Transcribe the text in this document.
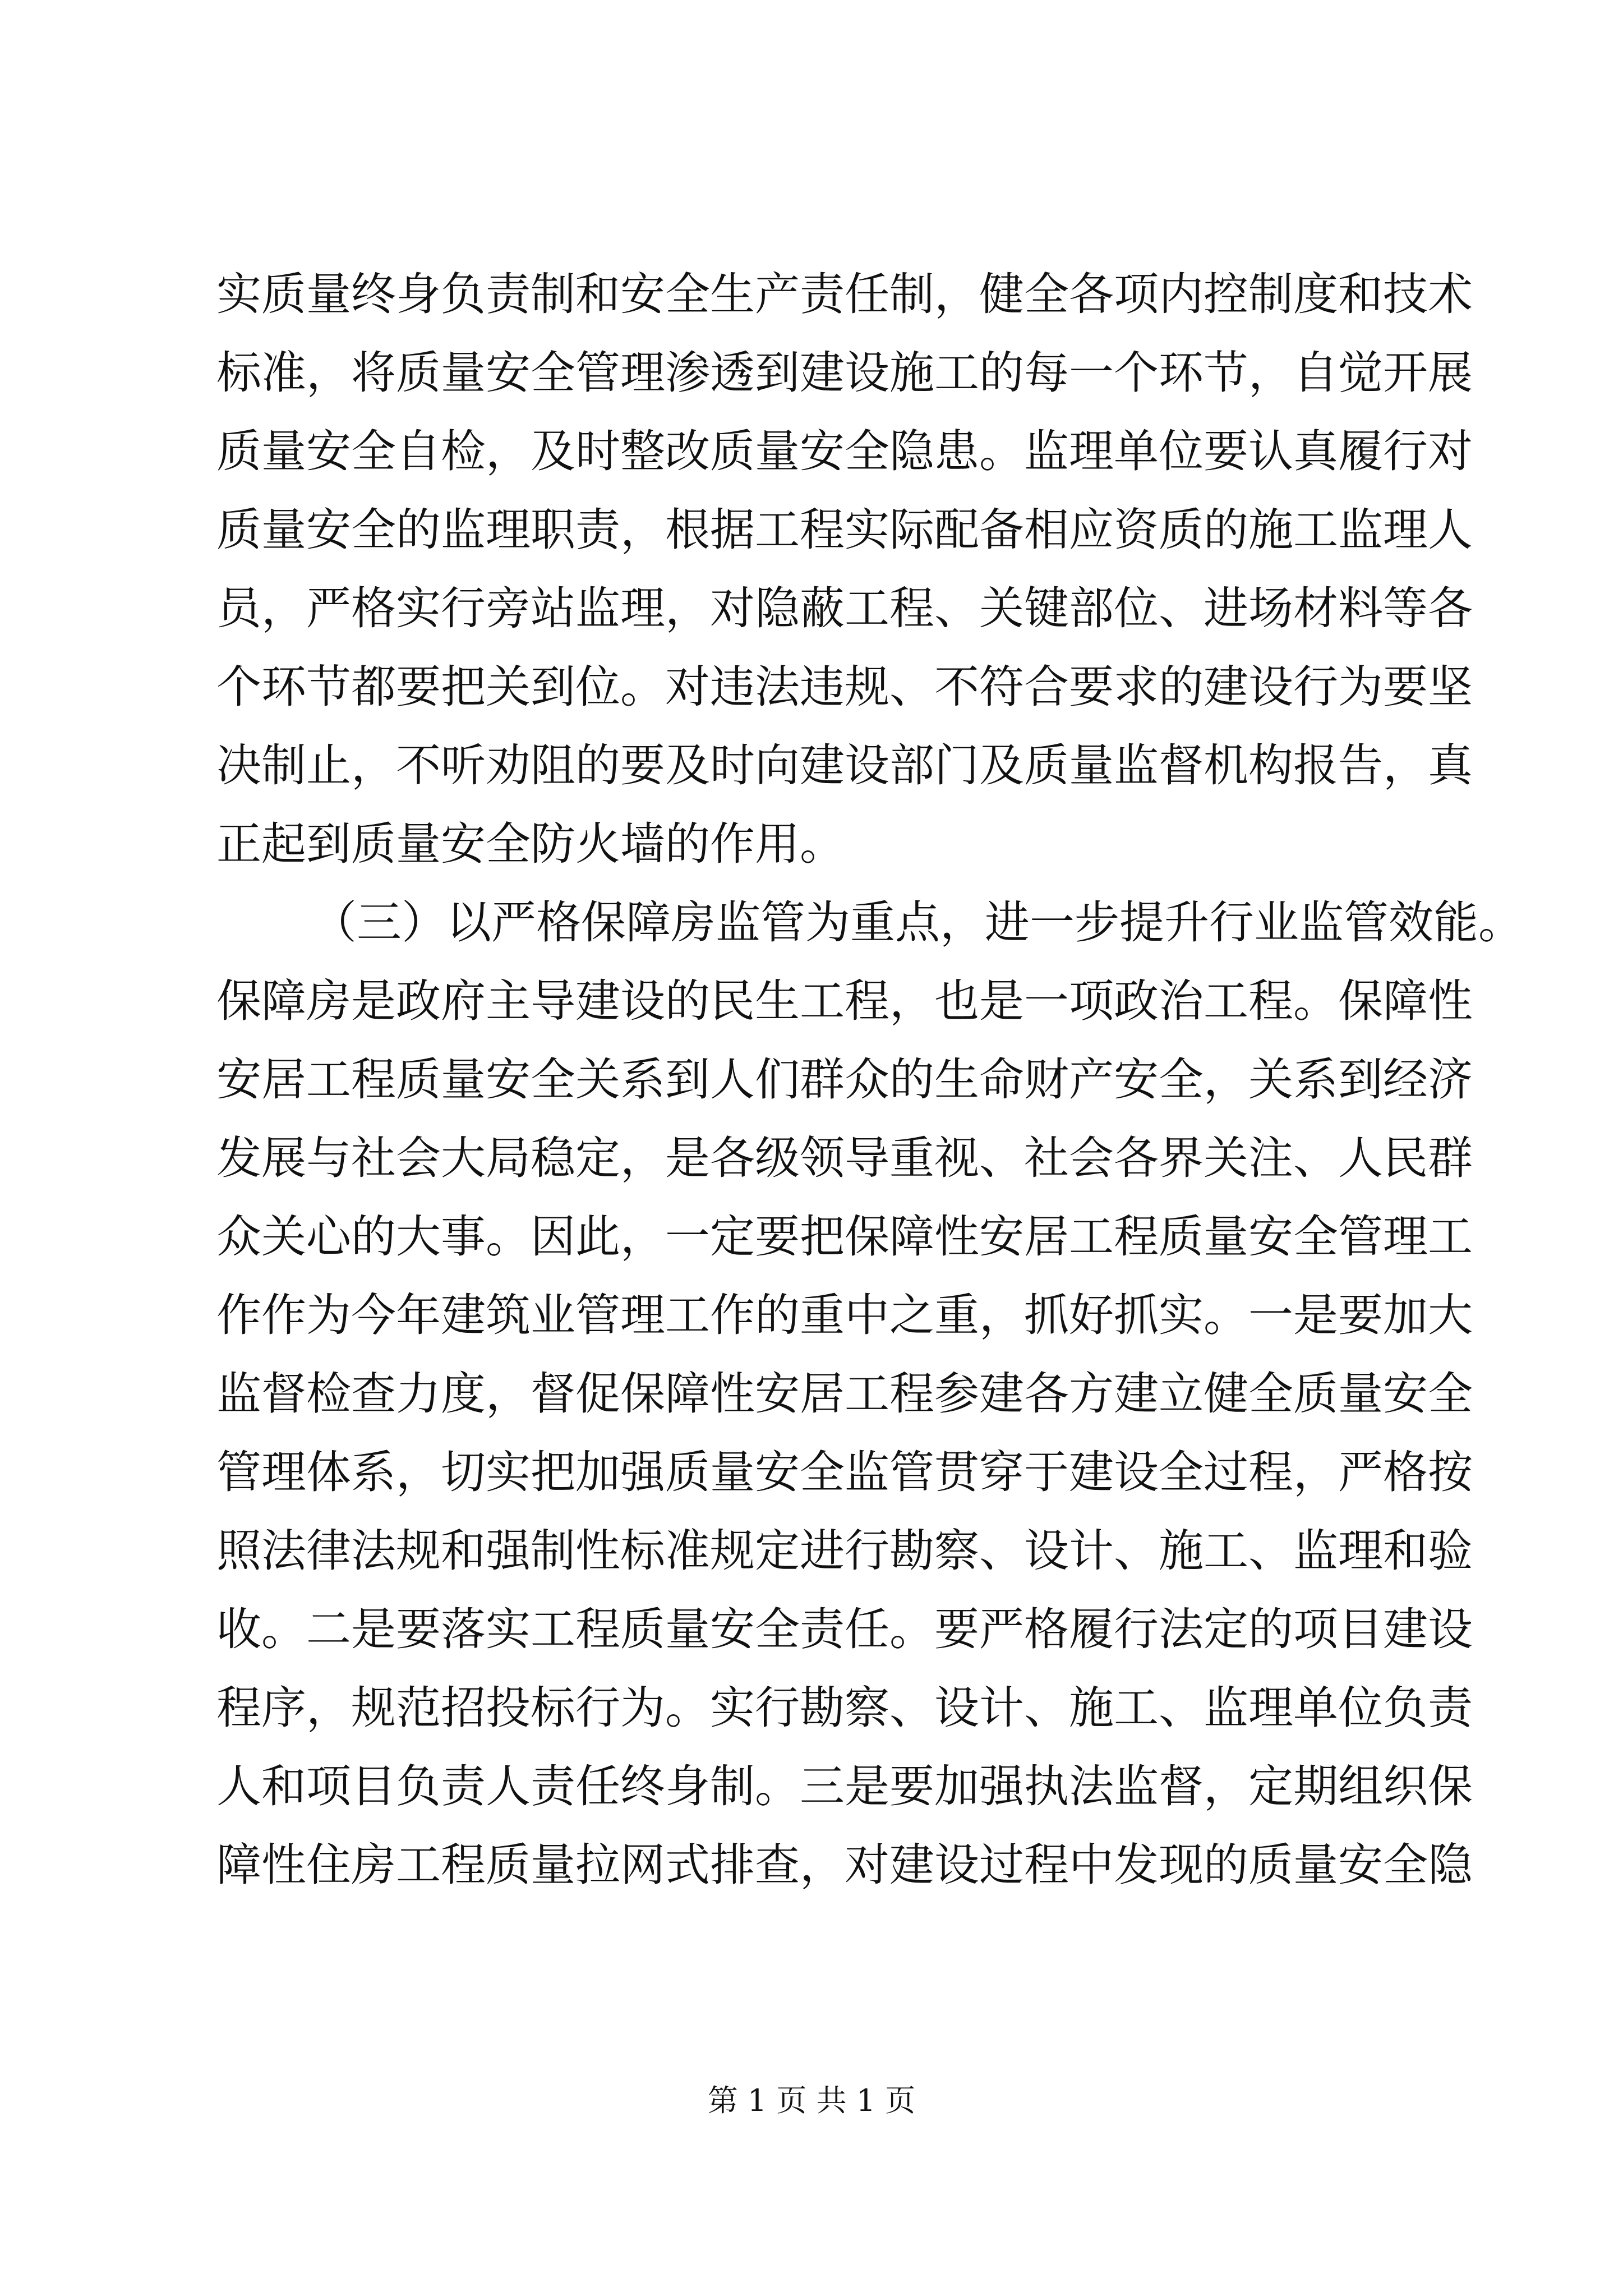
实质量终身负责制和安全生产责任制，健全各项内控制度和技术
标准，将质量安全管理渗透到建设施工的每一个环节，自觉开展
质量安全自检，及时整改质量安全隐患。监理单位要认真履行对
质量安全的监理职责，根据工程实际配备相应资质的施工监理人
员，严格实行旁站监理，对隐蔽工程、关键部位、进场材料等各
个环节都要把关到位。对违法违规、不符合要求的建设行为要坚
决制止，不听劝阻的要及时向建设部门及质量监督机构报告，真
正起到质量安全防火墙的作用。
（三）以严格保障房监管为重点，进一步提升行业监管效能。
保障房是政府主导建设的民生工程，也是一项政治工程。保障性
安居工程质量安全关系到人们群众的生命财产安全，关系到经济
发展与社会大局稳定，是各级领导重视、社会各界关注、人民群
众关心的大事。因此，一定要把保障性安居工程质量安全管理工
作作为今年建筑业管理工作的重中之重，抓好抓实。一是要加大
监督检查力度，督促保障性安居工程参建各方建立健全质量安全
管理体系，切实把加强质量安全监管贯穿于建设全过程，严格按
照法律法规和强制性标准规定进行勘察、设计、施工、监理和验
收。二是要落实工程质量安全责任。要严格履行法定的项目建设
程序，规范招投标行为。实行勘察、设计、施工、监理单位负责
人和项目负责人责任终身制。三是要加强执法监督，定期组织保
障性住房工程质量拉网式排查，对建设过程中发现的质量安全隐
第 1 页 共 1 页
